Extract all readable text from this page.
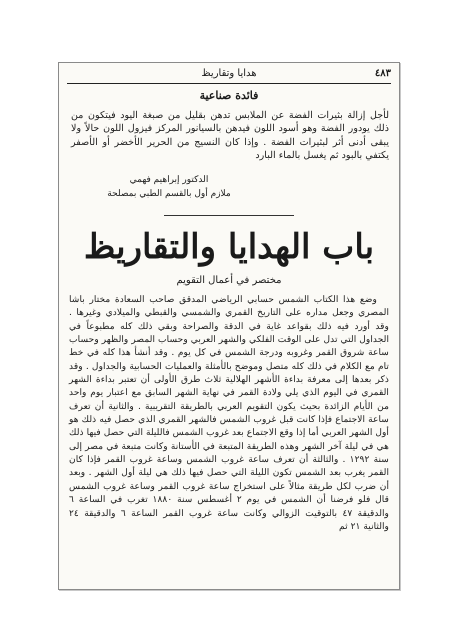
٤٨٣
هدايا وتقاريظ
فائدة صناعية

لأجل إزالة بثيرات الفضة عن الملابس تدهن بقليل من صبغة اليود فيتكون من ذلك يودور الفضة وهو أسود اللون فيدهن بالسيانور المركز فيزول اللون حالاً ولا يبقى أدنى أثر لبثيرات الفضة . وإذا كان النسيج من الحرير الأخضر أو الأصفر يكتفي بالبود ثم يغسل بالماء البارد

الدكتور إبراهيم فهمي
ملازم أول بالقسم الطبي بمصلحة
باب الهدايا والتقاريظ
مختصر في أعمال التقويم

وضع هذا الكتاب الشمس حسابي الرياضي المدقق صاحب السعادة مختار باشا المصري وجعل مداره على التاريخ القمري والشمسي والقبطي والميلادي وغيرها . وقد أورد فيه ذلك بقواعد غاية في الدقة والصراحة وبقي ذلك كله مطبوعاً في الجداول التي تدل على الوقت الفلكي والشهر العربي وحساب المصر والظهر وحساب ساعة شروق القمر وغروبه ودرجة الشمس في كل يوم . وقد أنشأ هذا كله في خط تام مع الكلام في ذلك كله متصل وموضح بالأمثلة والعمليات الحسابية والجداول . وقد ذكر بعدها إلى معرفة بداءة الأشهر الهلالية ثلاث طرق الأولى أن تعتبر بداءة الشهر القمري في اليوم الذي يلي ولادة القمر في نهاية الشهر السابق مع اعتبار يوم واحد من الأيام الزائدة بحيث يكون التقويم العربي بالطريقة التقريبية . والثانية أن تعرف ساعة الاجتماع فإذا كانت قبل غروب الشمس فالشهر القمري الذي حصل فيه ذلك هو أول الشهر العربي أما إذا وقع الاجتماع بعد غروب الشمس فالليلة التي حصل فيها ذلك هي في ليلة آخر الشهر وهذه الطريقة المتبعة في الأستانة وكانت متبعة في مصر إلى سنة ١٢٩٢ . والثالثة أن تعرف ساعة غروب الشمس وساعة غروب القمر فإذا كان القمر يغرب بعد الشمس تكون الليلة التي حصل فيها ذلك هي ليلة أول الشهر . وبعد أن ضرب لكل طريقة مثالاً على استخراج ساعة غروب القمر وساعة غروب الشمس قال فلو فرضنا أن الشمس في يوم ٢ أغسطس سنة ١٨٨٠ تغرب في الساعة ٦ والدقيقة ٤٧ بالتوقيت الزوالي وكانت ساعة غروب القمر الساعة ٦ والدقيقة ٢٤ والثانية ٢١ ثم
